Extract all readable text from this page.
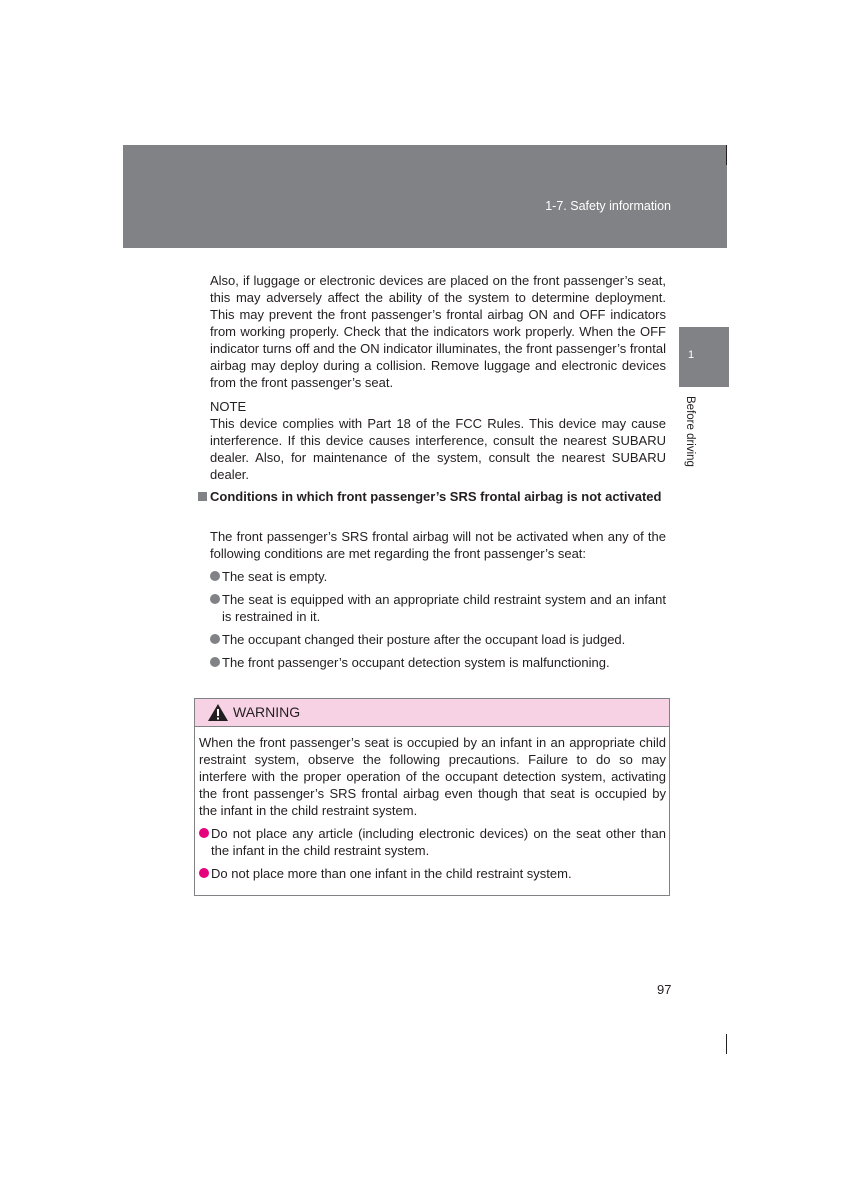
1-7. Safety information
1
Before driving
Also, if luggage or electronic devices are placed on the front passenger’s seat, this may adversely affect the ability of the system to determine deployment. This may prevent the front passenger’s frontal airbag ON and OFF indicators from working properly. Check that the indicators work properly. When the OFF indicator turns off and the ON indicator illuminates, the front passenger’s frontal airbag may deploy during a collision. Remove luggage and electronic devices from the front passenger’s seat.

NOTE

This device complies with Part 18 of the FCC Rules. This device may cause interference. If this device causes interference, consult the nearest SUBARU dealer. Also, for maintenance of the system, consult the nearest SUBARU dealer.

Conditions in which front passenger’s SRS frontal airbag is not activated

The front passenger’s SRS frontal airbag will not be activated when any of the following conditions are met regarding the front passenger’s seat:

The seat is empty.

The seat is equipped with an appropriate child restraint system and an infant is restrained in it.

The occupant changed their posture after the occupant load is judged.

The front passenger’s occupant detection system is malfunctioning.

WARNING

When the front passenger’s seat is occupied by an infant in an appropriate child restraint system, observe the following precautions. Failure to do so may interfere with the proper operation of the occupant detection system, activating the front passenger’s SRS frontal airbag even though that seat is occupied by the infant in the child restraint system.

Do not place any article (including electronic devices) on the seat other than the infant in the child restraint system.

Do not place more than one infant in the child restraint system.

97
